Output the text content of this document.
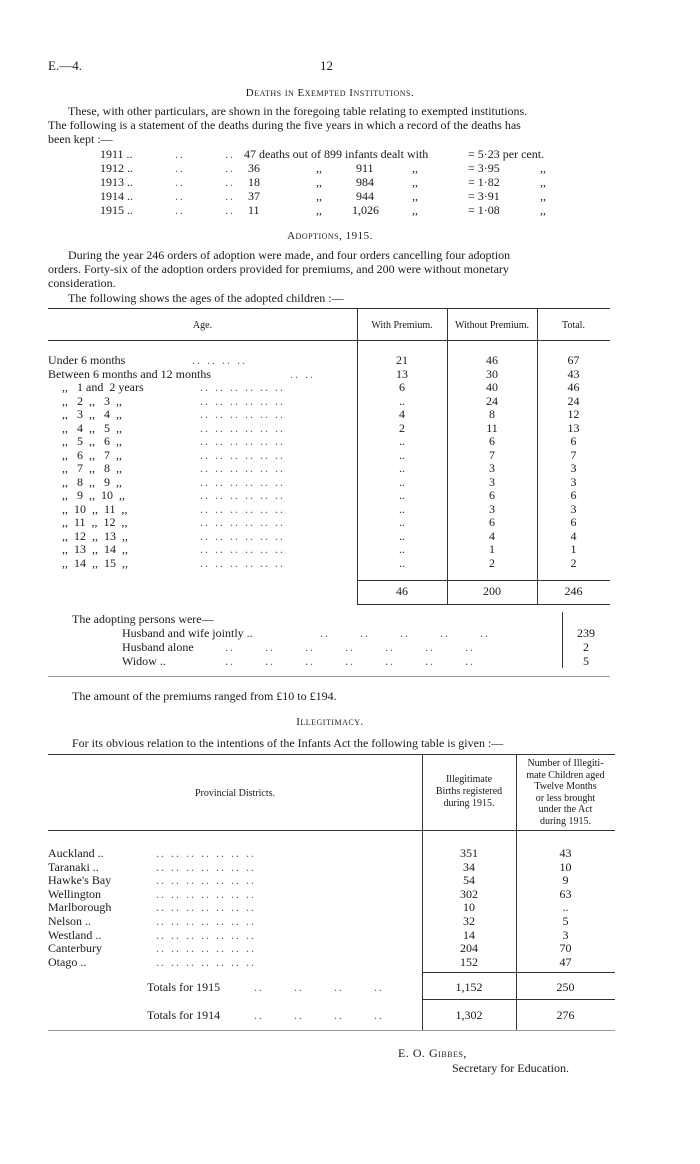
E.—4.	12
Deaths in Exempted Institutions.
These, with other particulars, are shown in the foregoing table relating to exempted institutions.
The following is a statement of the deaths during the five years in which a record of the deaths has
been kept :—
1911 ..	..        .. 47 deaths out of 899 infants dealt with	= 5·23 per cent.
1912 ..	..        .. 36	,,	911	,,	= 3·95	,,
1913 ..	..        .. 18	,,	984	,,	= 1·82	,,
1914 ..	..        .. 37	,,	944	,,	= 3·91	,,
1915 ..	..        .. 11	,,	1,026	,,	= 1·08	,,
Adoptions, 1915.
During the year 246 orders of adoption were made, and four orders cancelling four adoption
orders. Forty-six of the adoption orders provided for premiums, and 200 were without monetary
consideration.
The following shows the ages of the adopted children :—
Age.	With Premium.	Without Premium.	Total.
Under 6 months	.. .. .. ..	21	46	67
Between 6 months and 12 months	.. ..	13	30	43
,,   1 and  2 years	.. .. .. .. .. ..	6	40	46
,,   2  ,,   3  ,,	.. .. .. .. .. ..	..	24	24
,,   3  ,,   4  ,,	.. .. .. .. .. ..	4	8	12
,,   4  ,,   5  ,,	.. .. .. .. .. ..	2	11	13
,,   5  ,,   6  ,,	.. .. .. .. .. ..	..	6	6
,,   6  ,,   7  ,,	.. .. .. .. .. ..	..	7	7
,,   7  ,,   8  ,,	.. .. .. .. .. ..	..	3	3
,,   8  ,,   9  ,,	.. .. .. .. .. ..	..	3	3
,,   9  ,,  10  ,,	.. .. .. .. .. ..	..	6	6
,,  10  ,,  11  ,,	.. .. .. .. .. ..	..	3	3
,,  11  ,,  12  ,,	.. .. .. .. .. ..	..	6	6
,,  12  ,,  13  ,,	.. .. .. .. .. ..	..	4	4
,,  13  ,,  14  ,,	.. .. .. .. .. ..	..	1	1
,,  14  ,,  15  ,,	.. .. .. .. .. ..	..	2	2
46	200	246
The adopting persons were—
Husband and wife jointly ..	..      ..      ..      ..      ..	239
Husband alone	..      ..      ..      ..      ..      ..      ..	2
Widow ..	..      ..      ..      ..      ..      ..      ..	5
The amount of the premiums ranged from £10 to £194.
Illegitimacy.
For its obvious relation to the intentions of the Infants Act the following table is given :—
Provincial Districts.
Illegitimate
Births registered
during 1915.
Number of Illegiti-
mate Children aged
Twelve Months
or less brought
under the Act
during 1915.
Auckland ..	.. .. .. .. .. .. ..	351	43
Taranaki ..	.. .. .. .. .. .. ..	34	10
Hawke's Bay	.. .. .. .. .. .. ..	54	9
Wellington	.. .. .. .. .. .. ..	302	63
Marlborough	.. .. .. .. .. .. ..	10	..
Nelson ..	.. .. .. .. .. .. ..	32	5
Westland ..	.. .. .. .. .. .. ..	14	3
Canterbury	.. .. .. .. .. .. ..	204	70
Otago ..	.. .. .. .. .. .. ..	152	47
Totals for 1915	..      ..      ..      ..	1,152	250
Totals for 1914	..      ..      ..      ..	1,302	276
E. O. Gibbes,
Secretary for Education.
